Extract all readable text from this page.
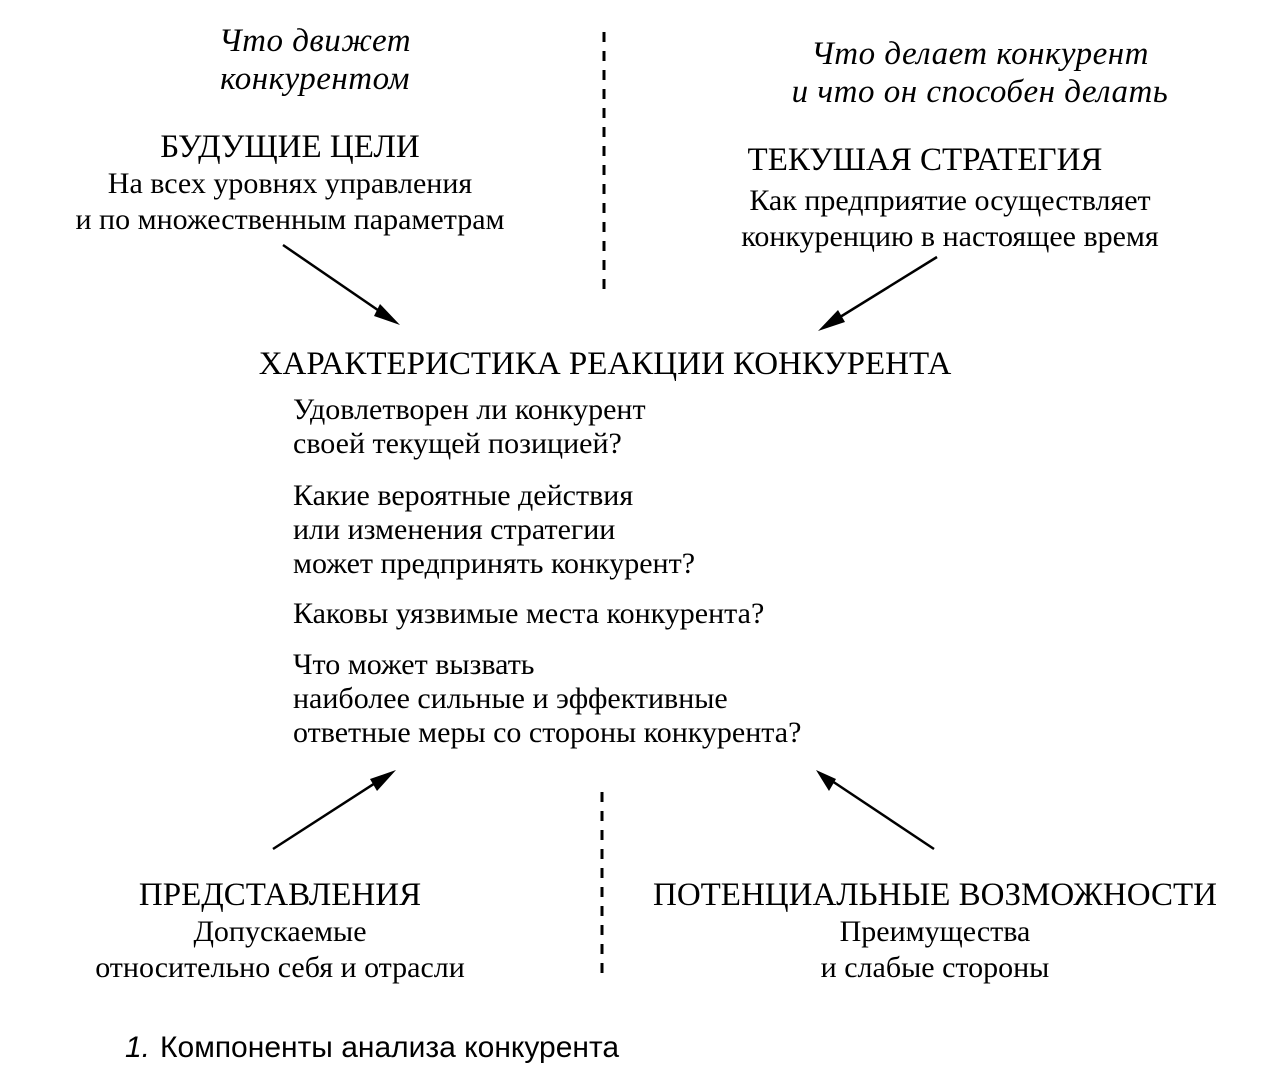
Что движет
конкурентом
БУДУЩИЕ ЦЕЛИ
На всех уровнях управления
и по множественным параметрам
Что делает конкурент
и что он способен делать
ТЕКУШАЯ СТРАТЕГИЯ
Как предприятие осуществляет
конкуренцию в настоящее время
ХАРАКТЕРИСТИКА РЕАКЦИИ КОНКУРЕНТА
Удовлетворен ли конкурент
своей текущей позицией?
Какие вероятные действия
или изменения стратегии
может предпринять конкурент?
Каковы уязвимые места конкурента?
Что может вызвать
наиболее сильные и эффективные
ответные меры со стороны конкурента?
ПРЕДСТАВЛЕНИЯ
Допускаемые
относительно себя и отрасли
ПОТЕНЦИАЛЬНЫЕ ВОЗМОЖНОСТИ
Преимущества
и слабые стороны
1. Компоненты анализа конкурента
